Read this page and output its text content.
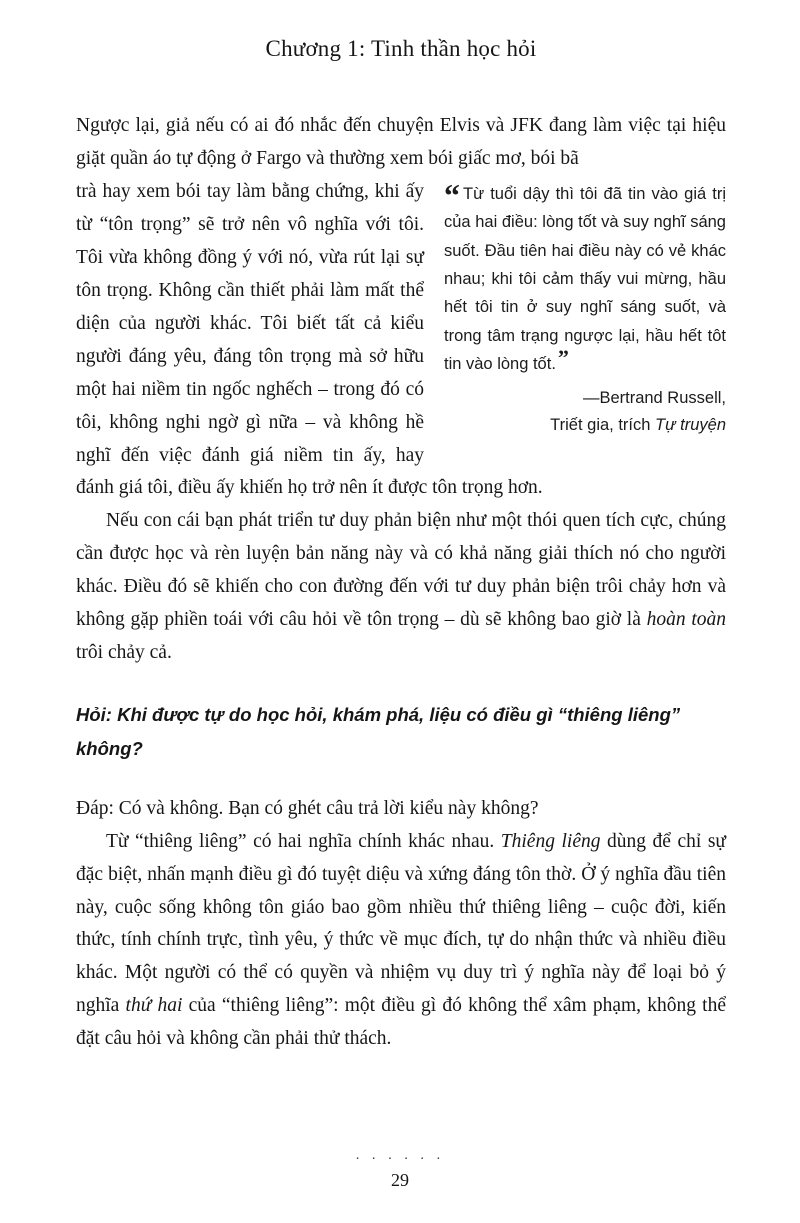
Chương 1: Tinh thần học hỏi

Ngược lại, giả nếu có ai đó nhắc đến chuyện Elvis và JFK đang làm việc tại hiệu giặt quần áo tự động ở Fargo và thường xem bói giấc mơ, bói bã

“ Từ tuổi dậy thì tôi đã tin vào giá trị của hai điều: lòng tốt và suy nghĩ sáng suốt. Đầu tiên hai điều này có vẻ khác nhau; khi tôi cảm thấy vui mừng, hầu hết tôi tin ở suy nghĩ sáng suốt, và trong tâm trạng ngược lại, hầu hết tôt tin vào lòng tốt.”
—Bertrand Russell,
Triết gia, trích Tự truyện

trà hay xem bói tay làm bằng chứng, khi ấy từ “tôn trọng” sẽ trở nên vô nghĩa với tôi. Tôi vừa không đồng ý với nó, vừa rút lại sự tôn trọng. Không cần thiết phải làm mất thể diện của người khác. Tôi biết tất cả kiểu người đáng yêu, đáng tôn trọng mà sở hữu một hai niềm tin ngốc nghếch – trong đó có tôi, không nghi ngờ gì nữa – và không hề nghĩ đến việc đánh giá niềm tin ấy, hay đánh giá tôi, điều ấy khiến họ trở nên ít được tôn trọng hơn.

Nếu con cái bạn phát triển tư duy phản biện như một thói quen tích cực, chúng cần được học và rèn luyện bản năng này và có khả năng giải thích nó cho người khác. Điều đó sẽ khiến cho con đường đến với tư duy phản biện trôi chảy hơn và không gặp phiền toái với câu hỏi về tôn trọng – dù sẽ không bao giờ là hoàn toàn trôi chảy cả.

Hỏi: Khi được tự do học hỏi, khám phá, liệu có điều gì “thiêng liêng” không?

Đáp: Có và không. Bạn có ghét câu trả lời kiểu này không?

Từ “thiêng liêng” có hai nghĩa chính khác nhau. Thiêng liêng dùng để chỉ sự đặc biệt, nhấn mạnh điều gì đó tuyệt diệu và xứng đáng tôn thờ. Ở ý nghĩa đầu tiên này, cuộc sống không tôn giáo bao gồm nhiều thứ thiêng liêng – cuộc đời, kiến thức, tính chính trực, tình yêu, ý thức về mục đích, tự do nhận thức và nhiều điều khác. Một người có thể có quyền và nhiệm vụ duy trì ý nghĩa này để loại bỏ ý nghĩa thứ hai của “thiêng liêng”: một điều gì đó không thể xâm phạm, không thể đặt câu hỏi và không cần phải thử thách.

· · · · · ·
29
